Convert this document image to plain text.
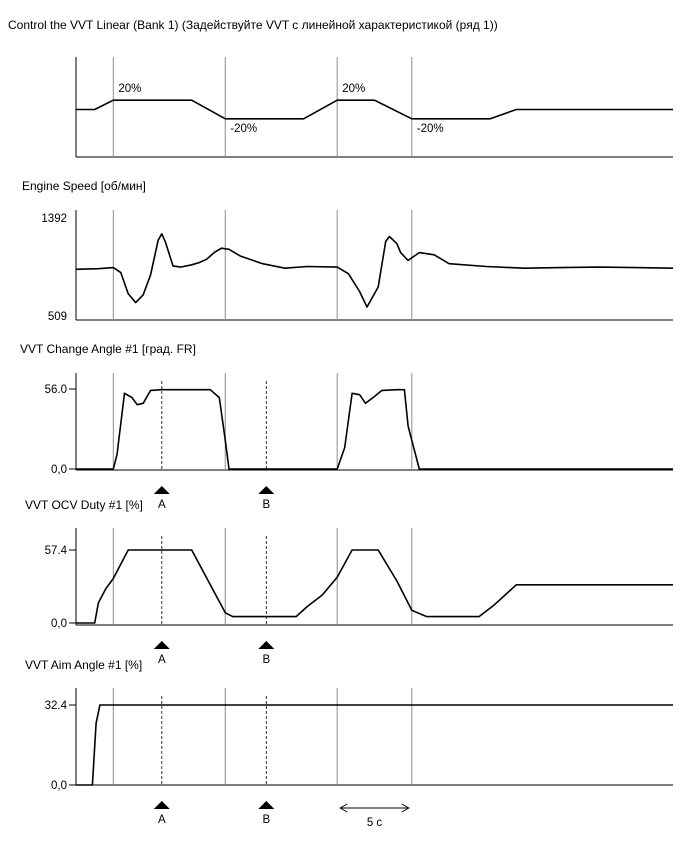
Control the VVT Linear (Bank 1) (Задействуйте VVT с линейной характеристикой (ряд 1))
Engine Speed [об/мин]
VVT Change Angle #1 [град. FR]
VVT OCV Duty #1 [%]
VVT Aim Angle #1 [%]
20%
-20%
20%
-20%
1392
509
56.0
0,0
A	B
57.4
0,0
A	B
32.4
0,0
A	B	5 с
